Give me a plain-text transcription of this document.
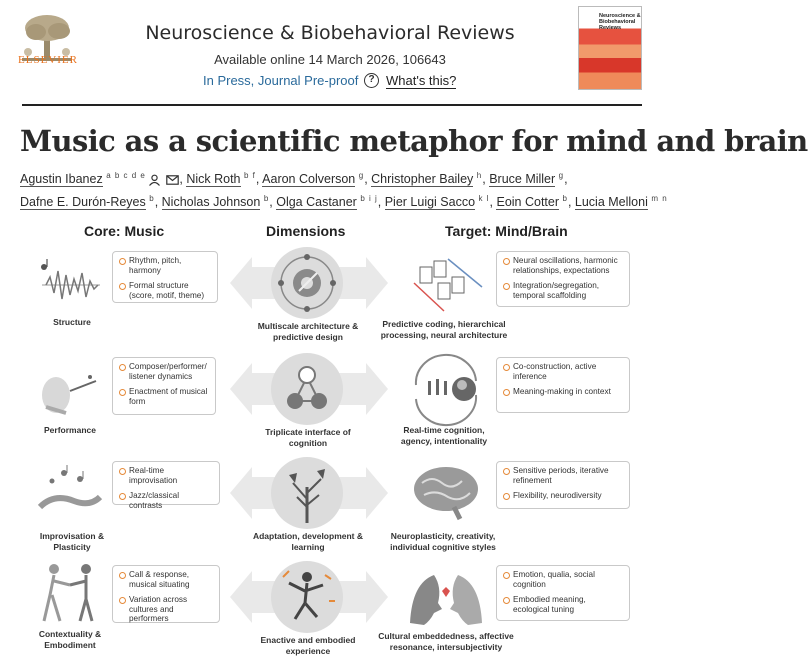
ELSEVIER
Neuroscience & Biobehavioral Reviews
Available online 14 March 2026, 106643
In Press, Journal Pre-proof	? What's this?
Neuroscience & Biobehavioral Reviews
Music as a scientific metaphor for mind and brain
Agustin Ibanez $^{a b c d e}$	, Nick Roth $^{b f}$, Aaron Colverson $^g$, Christopher Bailey $^h$, Bruce Miller $^g$,
Dafne E. Durón-Reyes $^b$, Nicholas Johnson $^b$, Olga Castaner $^{b i j}$, Pier Luigi Sacco $^{k l}$, Eoin Cotter $^b$, Lucia Melloni $^{m n}$
Core: Music	Dimensions	Target: Mind/Brain
Rhythm, pitch, harmony
Formal structure (score, motif, theme)
Structure	Multiscale architecture & predictive design
Neural oscillations, harmonic relationships, expectations
Integration/segregation, temporal scaffolding
Predictive coding, hierarchical processing, neural architecture
Composer/performer/ listener dynamics
Enactment of musical form
Performance	Triplicate interface of cognition
Co-construction, active inference
Meaning-making in context
Real-time cognition, agency, intentionality
Real-time improvisation
Jazz/classical contrasts
Improvisation & Plasticity
Adaptation, development & learning
Sensitive periods, iterative refinement
Flexibility, neurodiversity
Neuroplasticity, creativity, individual cognitive styles
Call & response, musical situating
Variation across cultures and performers
Contextuality & Embodiment	Enactive and embodied experience
Emotion, qualia, social cognition
Embodied meaning, ecological tuning
Cultural embeddedness, affective resonance, intersubjectivity
